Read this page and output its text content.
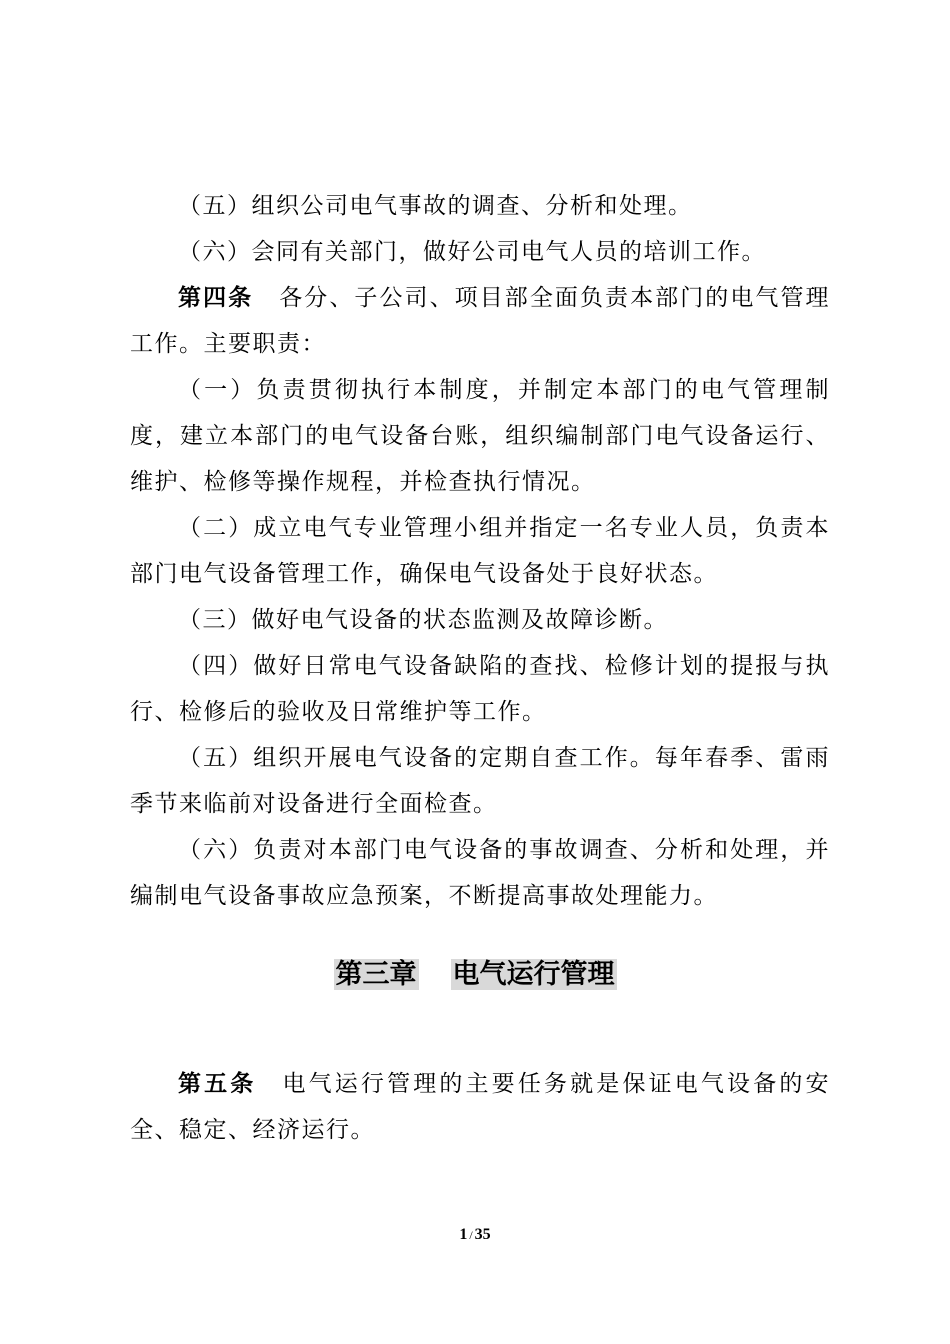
（五）组织公司电气事故的调查、分析和处理。

（六）会同有关部门，做好公司电气人员的培训工作。

第四条 各分、子公司、项目部全面负责本部门的电气管理工作。主要职责：

（一）负责贯彻执行本制度，并制定本部门的电气管理制度，建立本部门的电气设备台账，组织编制部门电气设备运行、维护、检修等操作规程，并检查执行情况。

（二）成立电气专业管理小组并指定一名专业人员，负责本部门电气设备管理工作，确保电气设备处于良好状态。

（三）做好电气设备的状态监测及故障诊断。

（四）做好日常电气设备缺陷的查找、检修计划的提报与执行、检修后的验收及日常维护等工作。

（五）组织开展电气设备的定期自查工作。每年春季、雷雨季节来临前对设备进行全面检查。

（六）负责对本部门电气设备的事故调查、分析和处理，并编制电气设备事故应急预案，不断提高事故处理能力。

第三章 电气运行管理

第五条 电气运行管理的主要任务就是保证电气设备的安全、稳定、经济运行。

1 / 35
